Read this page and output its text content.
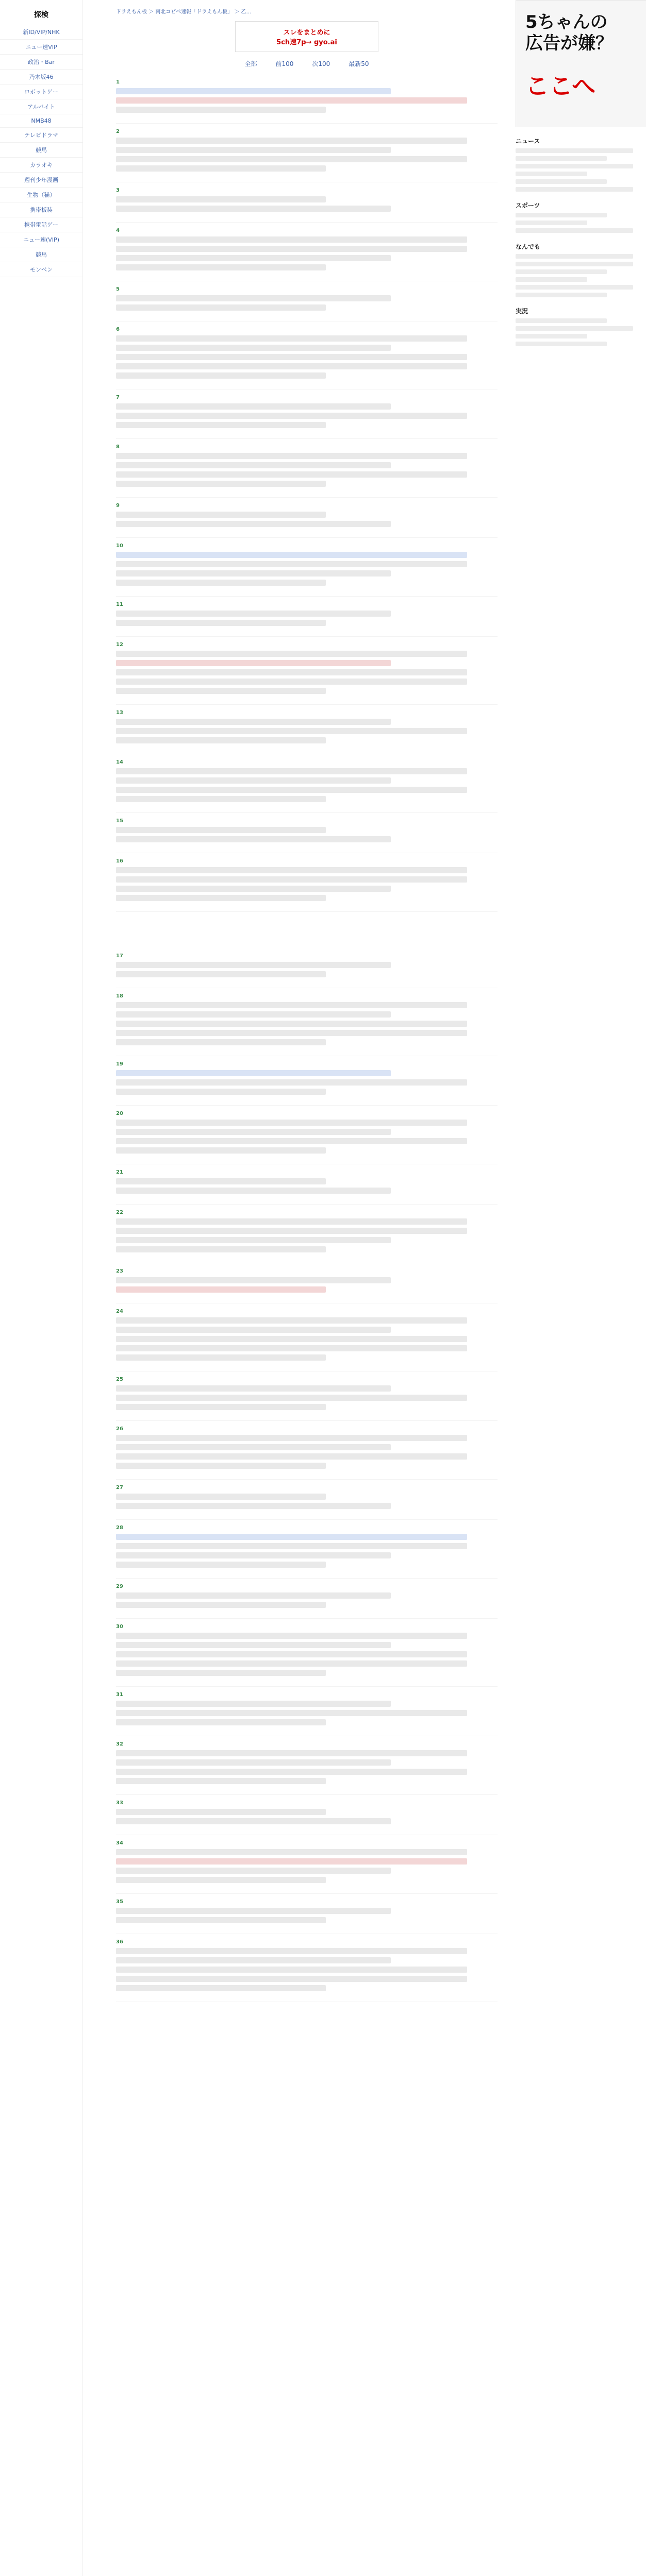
探検
新ID/VIP/NHK
ニュー速VIP
政治・Bar
乃木坂46
ロボットゲー
アルバイト
NMB48
テレビドラマ
競馬
カラオキ
週刊少年漫画
生物（猫）
携帯板装
携帯電話ゲー
ニュー速(VIP)
競馬
モンペン
ドラえもん板 ＞ 南北コピペ速報「ドラえもん板」 ＞ 乙…
スレをまとめに
5ch速7p→ gyo.ai
全部	前100	次100	最新50
1
2
3
4
5
6
7
8
9
10
11
12
13
14
15
16
17
18
19
20
21
22
23
24
25
26
27
28
29
30
31
32
33
34
35
36
5ちゃんの
広告が嫌？
ここへ
ニュース
スポーツ
なんでも
実況
